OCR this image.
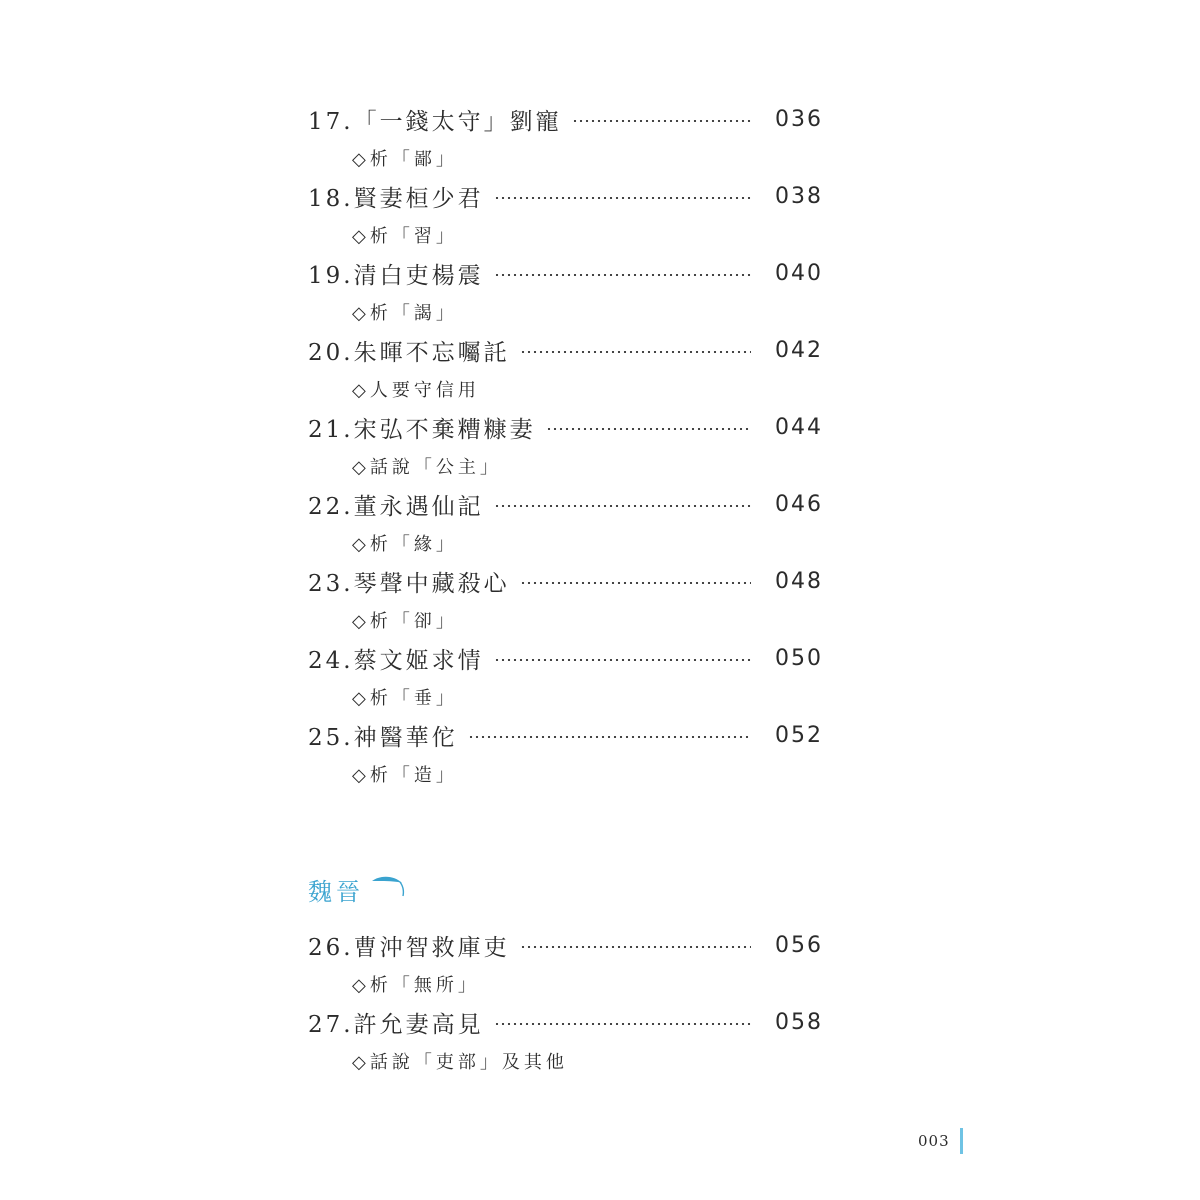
17.「一錢太守」劉寵	036
◇析「鄙」
18.賢妻桓少君	038
◇析「習」
19.清白吏楊震	040
◇析「謁」
20.朱暉不忘囑託	042
◇人要守信用
21.宋弘不棄糟糠妻	044
◇話說「公主」
22.董永遇仙記	046
◇析「緣」
23.琴聲中藏殺心	048
◇析「卻」
24.蔡文姬求情	050
◇析「垂」
25.神醫華佗	052
◇析「造」
魏晉
26.曹沖智救庫吏	056
◇析「無所」
27.許允妻高見	058
◇話說「吏部」及其他
003
